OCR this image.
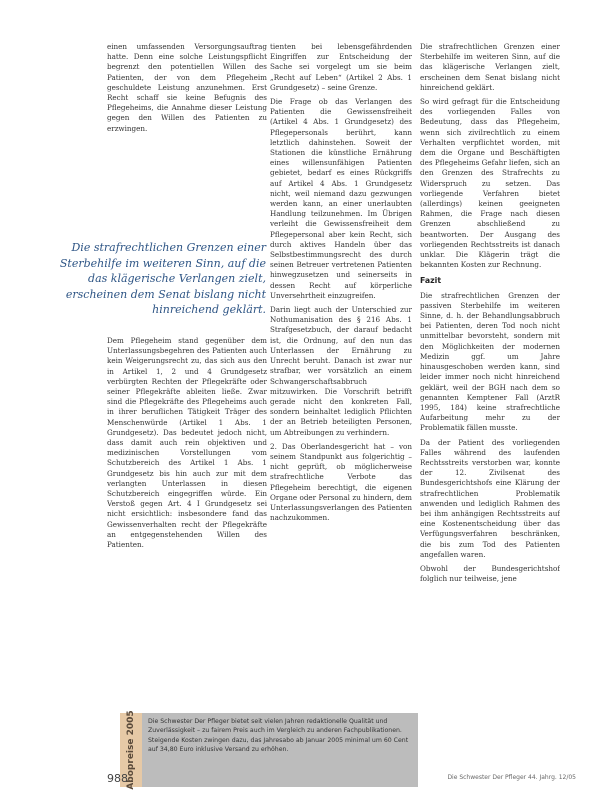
einen umfassenden Versorgungsauftrag hatte. Denn eine solche Leistungspflicht begrenzt den potentiellen Willen des Patienten, der von dem Pflegeheim geschuldete Leistung anzunehmen. Erst Recht schaff sie keine Befugnis des Pflegeheims, die Annahme dieser Leistung gegen den Willen des Patienten zu erzwingen.

Die strafrechtlichen Grenzen einer Sterbehilfe im weiteren Sinn, auf die das klägerische Verlangen zielt, erscheinen dem Senat bislang nicht hinreichend geklärt.

Dem Pflegeheim stand gegenüber dem Unterlassungsbegehren des Patienten auch kein Weigerungsrecht zu, das sich aus den in Artikel 1, 2 und 4 Grundgesetz verbürgten Rechten der Pflegekräfte oder seiner Pflegekräfte ableiten ließe. Zwar sind die Pflegekräfte des Pflegeheims auch in ihrer beruflichen Tätigkeit Träger des Menschenwürde (Artikel 1 Abs. 1 Grundgesetz). Das bedeutet jedoch nicht, dass damit auch rein objektiven und medizinischen Vorstellungen vom Schutzbereich des Artikel 1 Abs. 1 Grundgesetz bis hin auch zur mit dem verlangten Unterlassen in diesen Schutzbereich eingegriffen würde. Ein Verstoß gegen Art. 4 I Grundgesetz sei nicht ersichtlich: insbesondere fand das Gewissenverhalten recht der Pflegekräfte an entgegenstehenden Willen des Patienten.

tienten bei lebensgefährdenden Eingriffen zur Entscheidung der Sache sei vorgelegt um sie beim „Recht auf Leben“ (Artikel 2 Abs. 1 Grundgesetz) – seine Grenze.

Die Frage ob das Verlangen des Patienten die Gewissensfreiheit (Artikel 4 Abs. 1 Grundgesetz) des Pflegepersonals berührt, kann letztlich dahinstehen. Soweit der Stationen die künstliche Ernährung eines willensunfähigen Patienten gebietet, bedarf es eines Rückgriffs auf Artikel 4 Abs. 1 Grundgesetz nicht, weil niemand dazu gezwungen werden kann, an einer unerlaubten Handlung teilzunehmen. Im Übrigen verleiht die Gewissensfreiheit dem Pflegepersonal aber kein Recht, sich durch aktives Handeln über das Selbstbestimmungsrecht des durch seinen Betreuer vertretenen Patienten hinwegzusetzen und seinerseits in dessen Recht auf körperliche Unversehrtheit einzugreifen.

Darin liegt auch der Unterschied zur Nothumanisation des § 216 Abs. 1 Strafgesetzbuch, der darauf bedacht ist, die Ordnung, auf den nun das Unterlassen der Ernährung zu Unrecht beruht. Danach ist zwar nur strafbar, wer vorsätzlich an einem Schwangerschaftsabbruch mitzuwirken. Die Vorschrift betrifft gerade nicht den konkreten Fall, sondern beinhaltet lediglich Pflichten der an Betrieb beteiligten Personen, um Abtreibungen zu verhindern.

2. Das Oberlandesgericht hat – von seinem Standpunkt aus folgerichtig – nicht geprüft, ob möglicherweise strafrechtliche Verbote das Pflegeheim berechtigt, die eigenen Organe oder Personal zu hindern, dem Unterlassungsverlangen des Patienten nachzukommen.

Die strafrechtlichen Grenzen einer Sterbehilfe im weiteren Sinn, auf die das klägerische Verlangen zielt, erscheinen dem Senat bislang nicht hinreichend geklärt.

So wird gefragt für die Entscheidung des vorliegenden Falles von Bedeutung, dass das Pflegeheim, wenn sich zivilrechtlich zu einem Verhalten verpflichtet worden, mit dem die Organe und Beschäftigten des Pflegeheims Gefahr liefen, sich an den Grenzen des Strafrechts zu Widerspruch zu setzen. Das vorliegende Verfahren bietet (allerdings) keinen geeigneten Rahmen, die Frage nach diesen Grenzen abschließend zu beantworten. Der Ausgang des vorliegenden Rechtsstreits ist danach unklar. Die Klägerin trägt die bekannten Kosten zur Rechnung.

Fazit

Die strafrechtlichen Grenzen der passiven Sterbehilfe im weiteren Sinne, d. h. der Behandlungsabbruch bei Patienten, deren Tod noch nicht unmittelbar bevorsteht, sondern mit den Möglichkeiten der modernen Medizin ggf. um Jahre hinausgeschoben werden kann, sind leider immer noch nicht hinreichend geklärt, weil der BGH nach dem so genannten Kemptener Fall (ArztR 1995, 184) keine strafrechtliche Aufarbeitung mehr zu der Problematik fällen musste.

Da der Patient des vorliegenden Falles während des laufenden Rechtsstreits verstorben war, konnte der 12. Zivilsenat des Bundesgerichtshofs eine Klärung der strafrechtlichen Problematik anwenden und lediglich Rahmen des bei ihm anhängigen Rechtsstreits auf eine Kostenentscheidung über das Verfügungsverfahren beschränken, die bis zum Tod des Patienten angefallen waren.

Obwohl der Bundesgerichtshof folglich nur teilweise, jene

Abopreise 2005 Die Schwester Der Pfleger bietet seit vielen Jahren redaktionelle Qualität und Zuverlässigkeit – zu fairem Preis auch im Vergleich zu anderen Fachpublikationen.

Steigende Kosten zwingen dazu, das Jahresabo ab Januar 2005 minimal um 60 Cent auf 34,80 Euro inklusive Versand zu erhöhen.

988	Die Schwester Der Pfleger 44. Jahrg. 12/05
